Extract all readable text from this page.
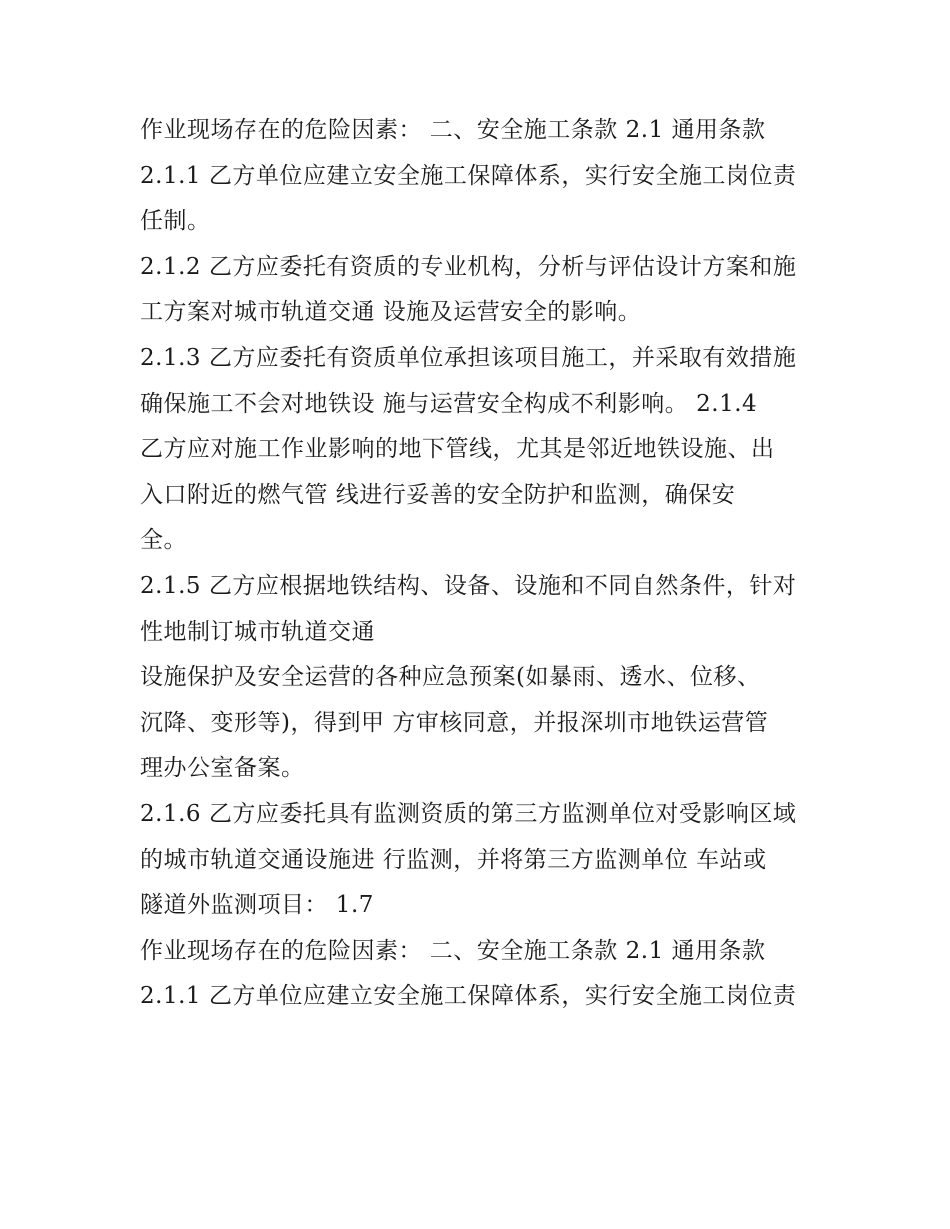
作业现场存在的危险因素： 二、安全施工条款 2.1 通用条款
2.1.1 乙方单位应建立安全施工保障体系，实行安全施工岗位责
任制。
2.1.2 乙方应委托有资质的专业机构，分析与评估设计方案和施
工方案对城市轨道交通 设施及运营安全的影响。
2.1.3 乙方应委托有资质单位承担该项目施工，并采取有效措施
确保施工不会对地铁设 施与运营安全构成不利影响。 2.1.4
乙方应对施工作业影响的地下管线，尤其是邻近地铁设施、出
入口附近的燃气管 线进行妥善的安全防护和监测，确保安
全。
2.1.5 乙方应根据地铁结构、设备、设施和不同自然条件，针对
性地制订城市轨道交通
设施保护及安全运营的各种应急预案(如暴雨、透水、位移、
沉降、变形等)，得到甲 方审核同意，并报深圳市地铁运营管
理办公室备案。
2.1.6 乙方应委托具有监测资质的第三方监测单位对受影响区域
的城市轨道交通设施进 行监测，并将第三方监测单位 车站或
隧道外监测项目： 1.7
作业现场存在的危险因素： 二、安全施工条款 2.1 通用条款
2.1.1 乙方单位应建立安全施工保障体系，实行安全施工岗位责
